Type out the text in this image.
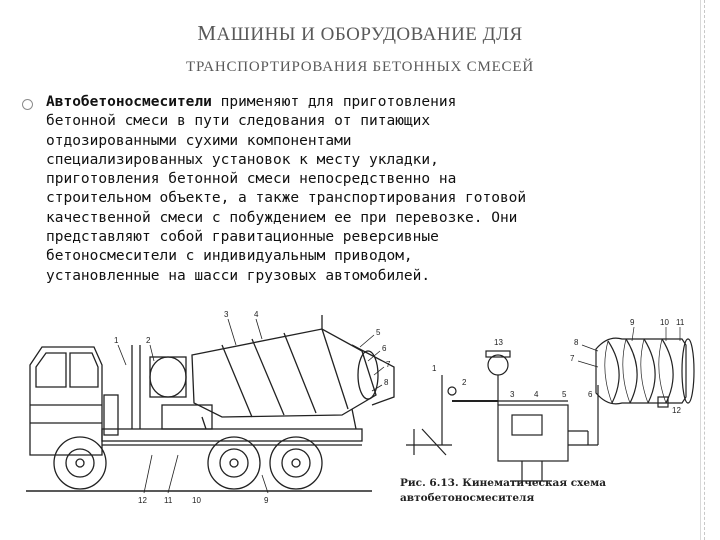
МАШИНЫ И ОБОРУДОВАНИЕ ДЛЯ
ТРАНСПОРТИРОВАНИЯ БЕТОННЫХ СМЕСЕЙ
Автобетоносмесители применяют для приготовления
бетонной смеси в пути следования от питающих
отдозированными сухими компонентами
специализированных установок к месту укладки,
приготовления бетонной смеси непосредственно на
строительном объекте, а также транспортирования готовой
качественной смеси с побуждением ее при перевозке. Они
представляют собой гравитационные реверсивные
бетоносмесители с индивидуальным приводом,
установленные на шасси грузовых автомобилей.
1	2
3	4
5
6
7
8
9
10
11
12
9	10 11
8
7
6
5
4
3
2
1
12
13
Рис. 6.13. Кинематическая схема автобетоносмесителя
